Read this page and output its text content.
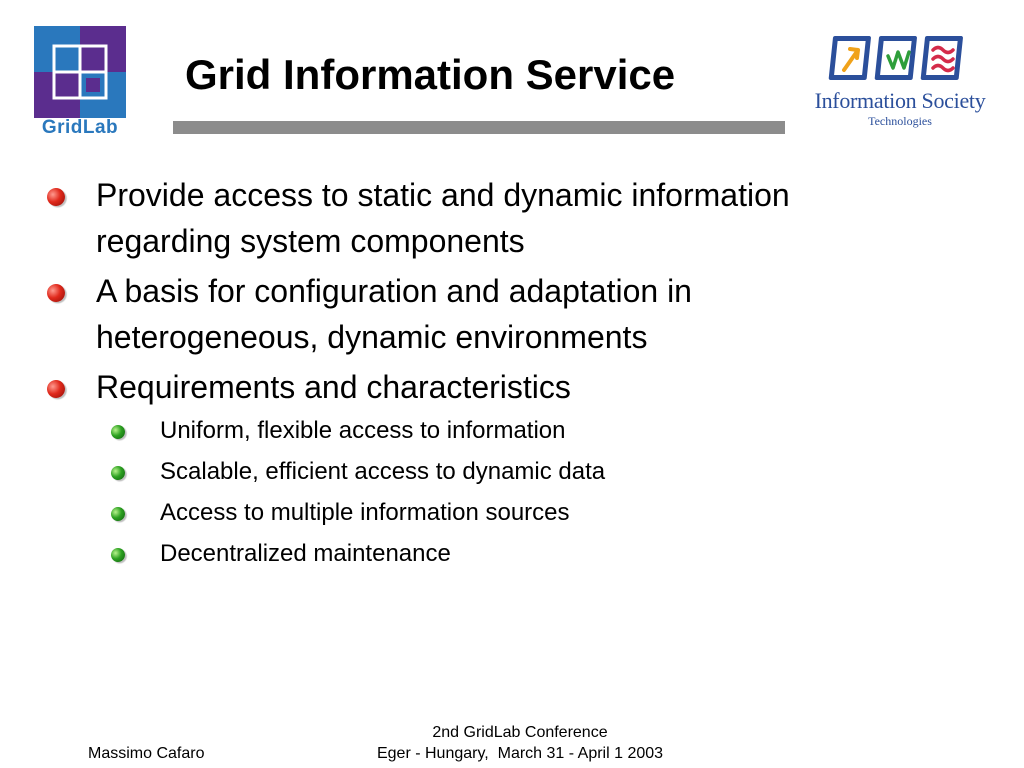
GridLab
Grid Information Service
Information Society
Technologies
Provide access to static and dynamic information regarding system components
A basis for configuration and adaptation in heterogeneous, dynamic environments
Requirements and characteristics
Uniform, flexible access to information
Scalable, efficient access to dynamic data
Access to multiple information sources
Decentralized maintenance
Massimo Cafaro
2nd GridLab Conference
Eger - Hungary,  March 31 - April 1 2003
